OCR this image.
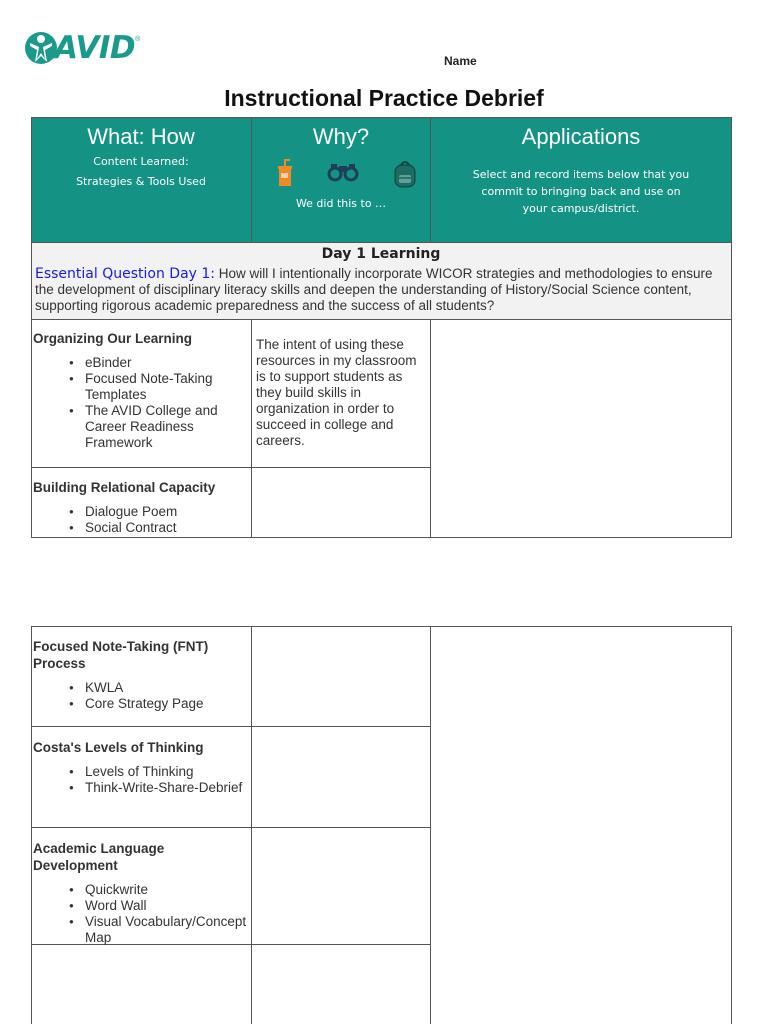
AVID ®
Name
Instructional Practice Debrief
What: How
Content Learned:
Strategies & Tools Used
Why?
We did this to …
Applications
Select and record items below that you
commit to bringing back and use on
your campus/district.
Day 1 Learning
Essential Question Day 1: How will I intentionally incorporate WICOR strategies and methodologies to ensure the development of disciplinary literacy skills and deepen the understanding of History/Social Science content, supporting rigorous academic preparedness and the success of all students?
Organizing Our Learning
● eBinder
● Focused Note-Taking Templates
● The AVID College and Career Readiness Framework
The intent of using these resources in my classroom is to support students as they build skills in organization in order to succeed in college and careers.
Building Relational Capacity
● Dialogue Poem
● Social Contract
Focused Note-Taking (FNT) Process
● KWLA
● Core Strategy Page
Costa's Levels of Thinking
● Levels of Thinking
● Think-Write-Share-Debrief
Academic Language Development
● Quickwrite
● Word Wall
● Visual Vocabulary/Concept Map
